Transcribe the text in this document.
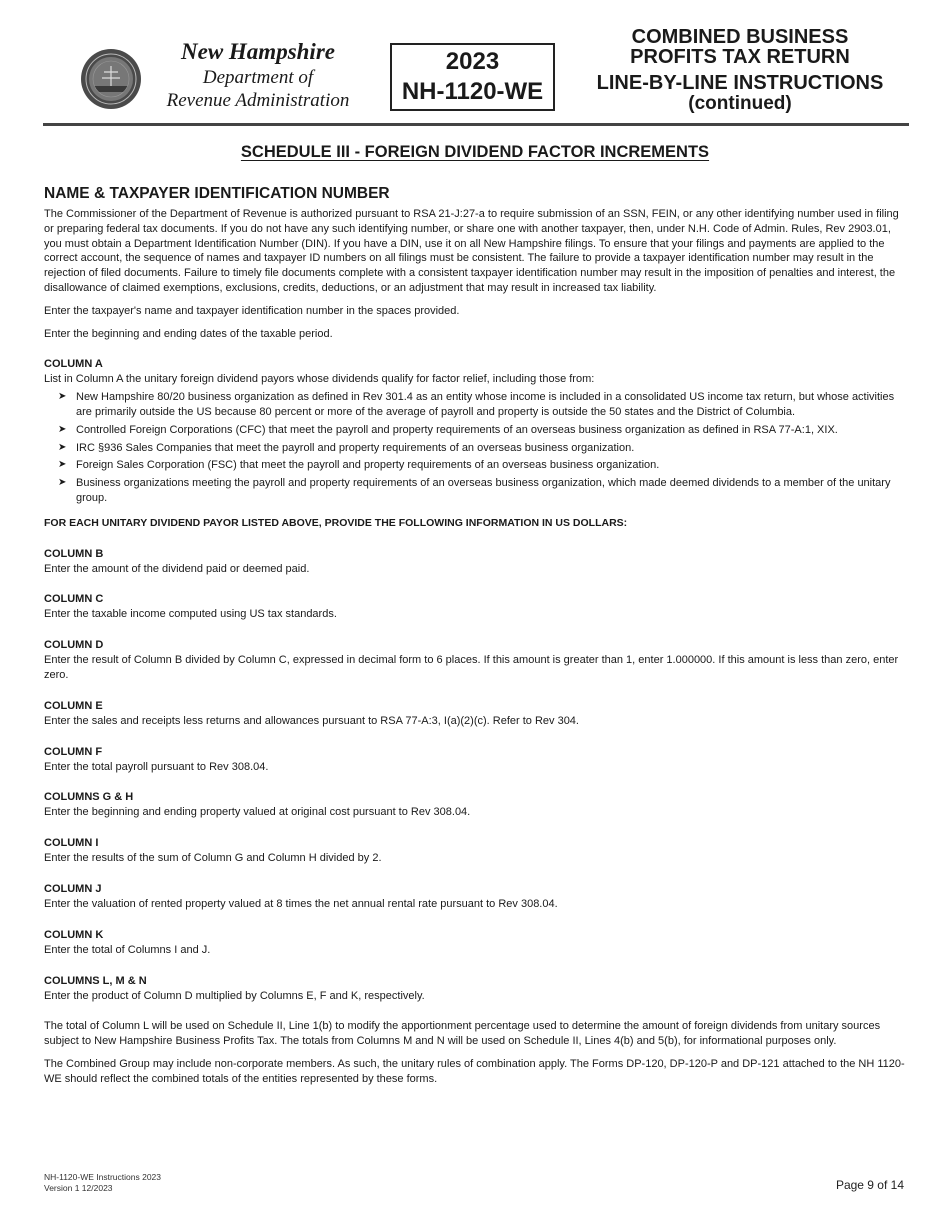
New Hampshire
Department of
Revenue Administration
2023
NH-1120-WE
COMBINED BUSINESS
PROFITS TAX RETURN
LINE-BY-LINE INSTRUCTIONS
(continued)
SCHEDULE III - FOREIGN DIVIDEND FACTOR INCREMENTS
NAME & TAXPAYER IDENTIFICATION NUMBER

The Commissioner of the Department of Revenue is authorized pursuant to RSA 21-J:27-a to require submission of an SSN, FEIN, or any other identifying number used in filing or preparing federal tax documents. If you do not have any such identifying number, or share one with another taxpayer, then, under N.H. Code of Admin. Rules, Rev 2903.01, you must obtain a Department Identification Number (DIN). If you have a DIN, use it on all New Hampshire filings. To ensure that your filings and payments are applied to the correct account, the sequence of names and taxpayer ID numbers on all filings must be consistent. The failure to provide a taxpayer identification number may result in the rejection of filed documents. Failure to timely file documents complete with a consistent taxpayer identification number may result in the imposition of penalties and interest, the disallowance of claimed exemptions, exclusions, credits, deductions, or an adjustment that may result in increased tax liability.

Enter the taxpayer's name and taxpayer identification number in the spaces provided.

Enter the beginning and ending dates of the taxable period.

COLUMN A

List in Column A the unitary foreign dividend payors whose dividends qualify for factor relief, including those from:

➤ New Hampshire 80/20 business organization as defined in Rev 301.4 as an entity whose income is included in a consolidated US income tax return, but whose activities are primarily outside the US because 80 percent or more of the average of payroll and property is outside the 50 states and the District of Columbia.
➤ Controlled Foreign Corporations (CFC) that meet the payroll and property requirements of an overseas business organization as defined in RSA 77-A:1, XIX.
➤ IRC §936 Sales Companies that meet the payroll and property requirements of an overseas business organization.
➤ Foreign Sales Corporation (FSC) that meet the payroll and property requirements of an overseas business organization.
➤ Business organizations meeting the payroll and property requirements of an overseas business organization, which made deemed dividends to a member of the unitary group.
FOR EACH UNITARY DIVIDEND PAYOR LISTED ABOVE, PROVIDE THE FOLLOWING INFORMATION IN US DOLLARS:
COLUMN B

Enter the amount of the dividend paid or deemed paid.

COLUMN C

Enter the taxable income computed using US tax standards.

COLUMN D

Enter the result of Column B divided by Column C, expressed in decimal form to 6 places. If this amount is greater than 1, enter 1.000000. If this amount is less than zero, enter zero.

COLUMN E

Enter the sales and receipts less returns and allowances pursuant to RSA 77-A:3, I(a)(2)(c). Refer to Rev 304.

COLUMN F

Enter the total payroll pursuant to Rev 308.04.

COLUMNS G & H

Enter the beginning and ending property valued at original cost pursuant to Rev 308.04.

COLUMN I

Enter the results of the sum of Column G and Column H divided by 2.

COLUMN J

Enter the valuation of rented property valued at 8 times the net annual rental rate pursuant to Rev 308.04.

COLUMN K

Enter the total of Columns I and J.

COLUMNS L, M & N

Enter the product of Column D multiplied by Columns E, F and K, respectively.

The total of Column L will be used on Schedule II, Line 1(b) to modify the apportionment percentage used to determine the amount of foreign dividends from unitary sources subject to New Hampshire Business Profits Tax. The totals from Columns M and N will be used on Schedule II, Lines 4(b) and 5(b), for informational purposes only.

The Combined Group may include non-corporate members. As such, the unitary rules of combination apply. The Forms DP-120, DP-120-P and DP-121 attached to the NH 1120-WE should reflect the combined totals of the entities represented by these forms.

NH-1120-WE Instructions 2023
Version 1 12/2023	Page 9 of 14
